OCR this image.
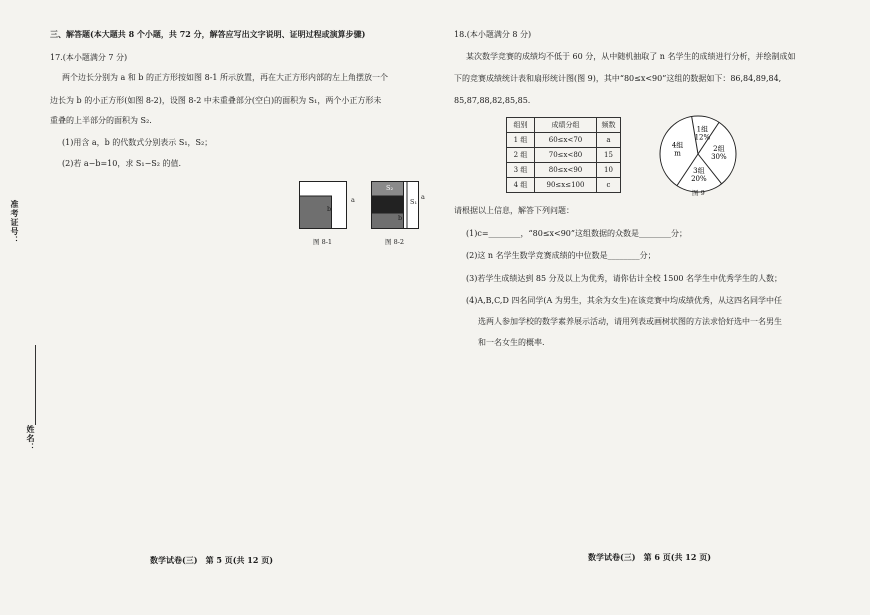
三、解答题(本大题共 8 个小题，共 72 分，解答应写出文字说明、证明过程或演算步骤)
17.(本小题满分 7 分)
两个边长分别为 a 和 b 的正方形按如图 8-1 所示放置，再在大正方形内部的左上角摆放一个
边长为 b 的小正方形(如图 8-2)，设图 8-2 中未重叠部分(空白)的面积为 S₁，两个小正方形未
重叠的上半部分的面积为 S₂.
(1)用含 a，b 的代数式分别表示 S₁，S₂；
(2)若 a−b=10，求 S₁−S₂ 的值.
b
a
图 8-1
S₂
b
S₁
a
图 8-2
数学试卷(三)　第 5 页(共 12 页)
准考证号：
姓名：
18.(本小题满分 8 分)
某次数学竞赛的成绩均不低于 60 分，从中随机抽取了 n 名学生的成绩进行分析，并绘制成如
下的竞赛成绩统计表和扇形统计图(图 9)，其中“80≤x<90”这组的数据如下：86,84,89,84,
85,87,88,82,85,85.
组别	成绩分组	频数
1 组	60≤x<70	a
2 组	70≤x<80	15
3 组	80≤x<90	10
4 组	90≤x≤100	c
1组
12%
2组
30%
3组
20%
4组
m
图 9
请根据以上信息，解答下列问题：
(1)c=________，“80≤x<90”这组数据的众数是________分；
(2)这 n 名学生数学竞赛成绩的中位数是________分；
(3)若学生成绩达到 85 分及以上为优秀，请你估计全校 1500 名学生中优秀学生的人数；
(4)A,B,C,D 四名同学(A 为男生，其余为女生)在该竞赛中均成绩优秀，从这四名同学中任
选两人参加学校的数学素养展示活动，请用列表或画树状图的方法求恰好选中一名男生
和一名女生的概率.
数学试卷(三)　第 6 页(共 12 页)
